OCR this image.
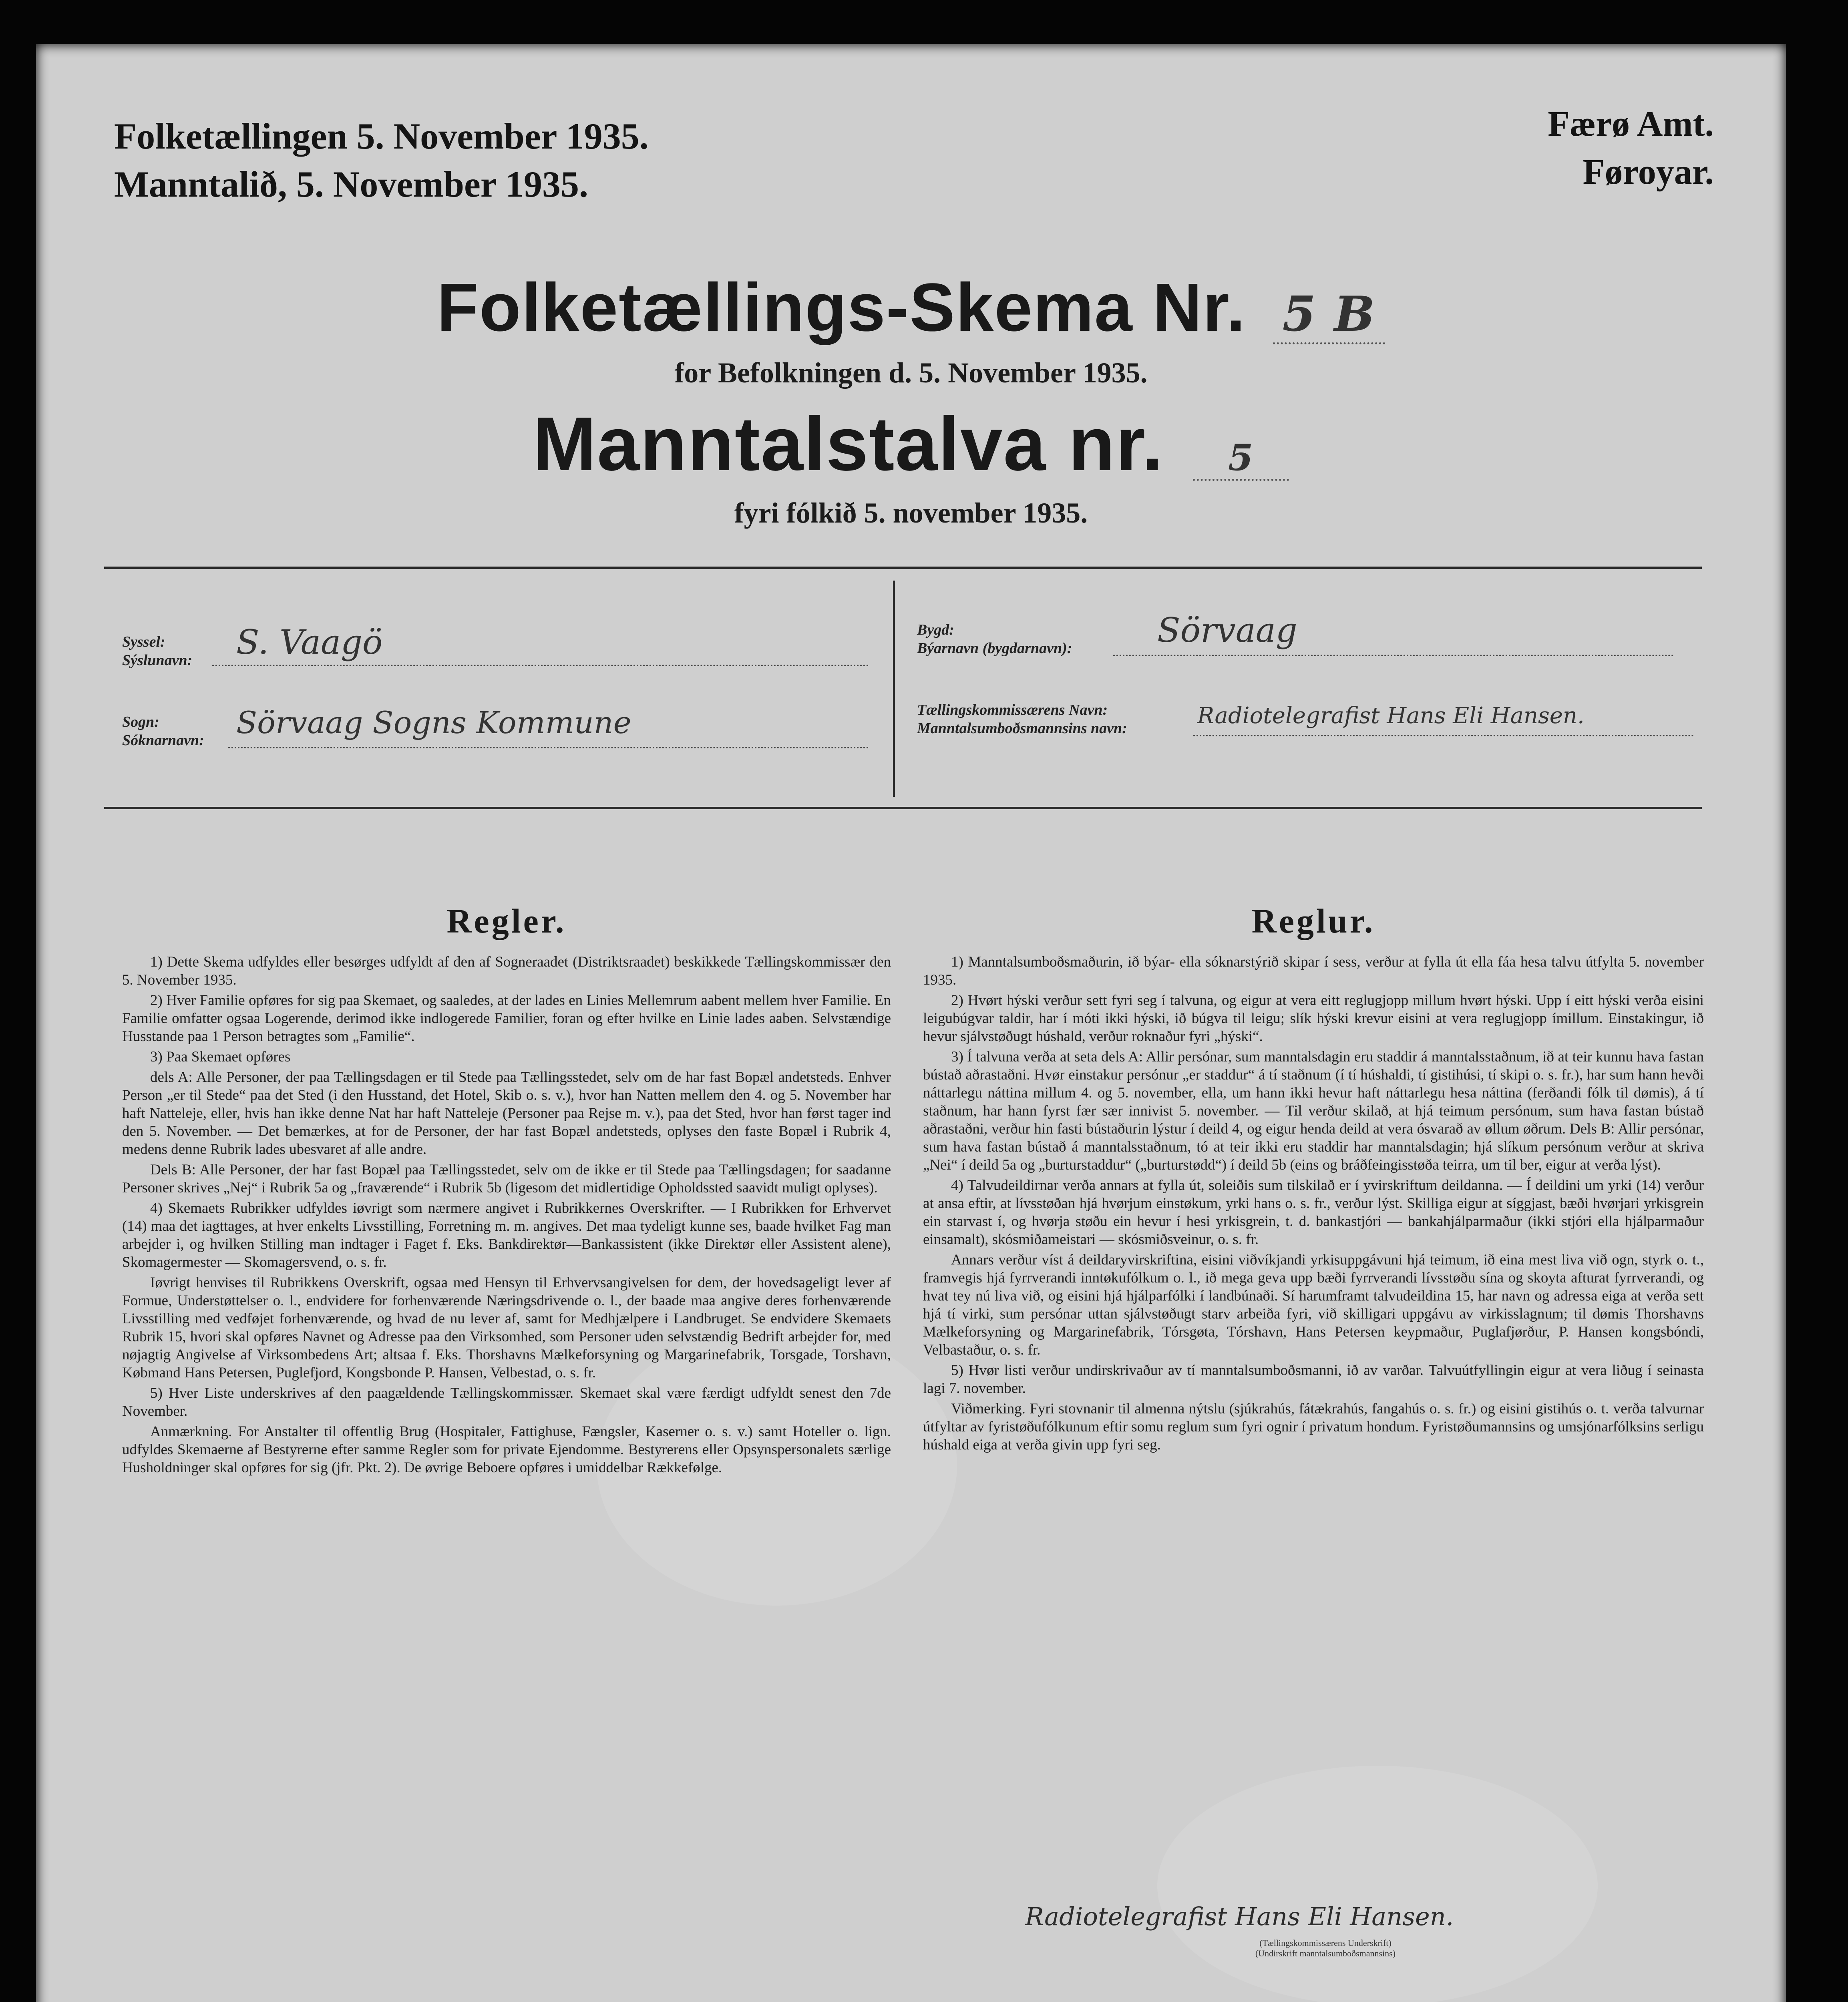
Folketællingen 5. November 1935.
Manntalið, 5. November 1935.
Færø Amt.
Føroyar.
Folketællings-Skema Nr. 5 B
for Befolkningen d. 5. November 1935.
Manntalstalva nr. 5
fyri fólkið 5. november 1935.
Syssel:
Sýslunavn: S. Vaagö
Sogn:
Sóknarnavn: Sörvaag Sogns Kommune
Bygd:
Býarnavn (bygdarnavn):	Sörvaag
Tællingskommissærens Navn:
Manntalsumboðsmannsins navn:	Radiotelegrafist Hans Eli Hansen.
Regler.

1) Dette Skema udfyldes eller besørges udfyldt af den af Sogneraadet (Distriktsraadet) beskikkede Tællingskommissær den 5. November 1935.

2) Hver Familie opføres for sig paa Skemaet, og saaledes, at der lades en Linies Mellemrum aabent mellem hver Familie. En Familie omfatter ogsaa Logerende, derimod ikke indlogerede Familier, foran og efter hvilke en Linie lades aaben. Selvstændige Husstande paa 1 Person betragtes som „Familie“.

3) Paa Skemaet opføres

dels A: Alle Personer, der paa Tællingsdagen er til Stede paa Tællingsstedet, selv om de har fast Bopæl andetsteds. Enhver Person „er til Stede“ paa det Sted (i den Husstand, det Hotel, Skib o. s. v.), hvor han Natten mellem den 4. og 5. November har haft Natteleje, eller, hvis han ikke denne Nat har haft Natteleje (Personer paa Rejse m. v.), paa det Sted, hvor han først tager ind den 5. November. — Det bemærkes, at for de Personer, der har fast Bopæl andetsteds, oplyses den faste Bopæl i Rubrik 4, medens denne Rubrik lades ubesvaret af alle andre.

Dels B: Alle Personer, der har fast Bopæl paa Tællingsstedet, selv om de ikke er til Stede paa Tællingsdagen; for saadanne Personer skrives „Nej“ i Rubrik 5a og „fraværende“ i Rubrik 5b (ligesom det midlertidige Opholdssted saavidt muligt oplyses).

4) Skemaets Rubrikker udfyldes iøvrigt som nærmere angivet i Rubrikkernes Overskrifter. — I Rubrikken for Erhvervet (14) maa det iagttages, at hver enkelts Livsstilling, Forretning m. m. angives. Det maa tydeligt kunne ses, baade hvilket Fag man arbejder i, og hvilken Stilling man indtager i Faget f. Eks. Bankdirektør—Bankassistent (ikke Direktør eller Assistent alene), Skomagermester — Skomagersvend, o. s. fr.

Iøvrigt henvises til Rubrikkens Overskrift, ogsaa med Hensyn til Erhvervsangivelsen for dem, der hovedsageligt lever af Formue, Understøttelser o. l., endvidere for forhenværende Næringsdrivende o. l., der baade maa angive deres forhenværende Livsstilling med vedføjet forhenværende, og hvad de nu lever af, samt for Medhjælpere i Landbruget. Se endvidere Skemaets Rubrik 15, hvori skal opføres Navnet og Adresse paa den Virksomhed, som Personer uden selvstændig Bedrift arbejder for, med nøjagtig Angivelse af Virksombedens Art; altsaa f. Eks. Thorshavns Mælkeforsyning og Margarinefabrik, Torsgade, Torshavn, Købmand Hans Petersen, Puglefjord, Kongsbonde P. Hansen, Velbestad, o. s. fr.

5) Hver Liste underskrives af den paagældende Tællingskommissær. Skemaet skal være færdigt udfyldt senest den 7de November.

Anmærkning. For Anstalter til offentlig Brug (Hospitaler, Fattighuse, Fængsler, Kaserner o. s. v.) samt Hoteller o. lign. udfyldes Skemaerne af Bestyrerne efter samme Regler som for private Ejendomme. Bestyrerens eller Opsynspersonalets særlige Husholdninger skal opføres for sig (jfr. Pkt. 2). De øvrige Beboere opføres i umiddelbar Rækkefølge.

Reglur.

1) Manntalsumboðsmaðurin, ið býar- ella sóknarstýrið skipar í sess, verður at fylla út ella fáa hesa talvu útfylta 5. november 1935.

2) Hvørt hýski verður sett fyri seg í talvuna, og eigur at vera eitt reglugjopp millum hvørt hýski. Upp í eitt hýski verða eisini leigubúgvar taldir, har í móti ikki hýski, ið búgva til leigu; slík hýski krevur eisini at vera reglugjopp ímillum. Einstakingur, ið hevur sjálvstøðugt húshald, verður roknaður fyri „hýski“.

3) Í talvuna verða at seta dels A: Allir persónar, sum manntalsdagin eru staddir á manntalsstaðnum, ið at teir kunnu hava fastan bústað aðrastaðni. Hvør einstakur persónur „er staddur“ á tí staðnum (í tí húshaldi, tí gistihúsi, tí skipi o. s. fr.), har sum hann hevði náttarlegu náttina millum 4. og 5. november, ella, um hann ikki hevur haft náttarlegu hesa náttina (ferðandi fólk til dømis), á tí staðnum, har hann fyrst fær sær innivist 5. november. — Til verður skilað, at hjá teimum persónum, sum hava fastan bústað aðrastaðni, verður hin fasti bústaðurin lýstur í deild 4, og eigur henda deild at vera ósvarað av øllum øðrum. Dels B: Allir persónar, sum hava fastan bústað á manntalsstaðnum, tó at teir ikki eru staddir har manntalsdagin; hjá slíkum persónum verður at skriva „Nei“ í deild 5a og „burturstaddur“ („burturstødd“) í deild 5b (eins og bráðfeingisstøða teirra, um til ber, eigur at verða lýst).

4) Talvudeildirnar verða annars at fylla út, soleiðis sum tilskilað er í yvirskriftum deildanna. — Í deildini um yrki (14) verður at ansa eftir, at lívsstøðan hjá hvørjum einstøkum, yrki hans o. s. fr., verður lýst. Skilliga eigur at síggjast, bæði hvørjari yrkisgrein ein starvast í, og hvørja støðu ein hevur í hesi yrkisgrein, t. d. bankastjóri — bankahjálparmaður (ikki stjóri ella hjálparmaður einsamalt), skósmiðameistari — skósmiðsveinur, o. s. fr.

Annars verður víst á deildaryvirskriftina, eisini viðvíkjandi yrkisuppgávuni hjá teimum, ið eina mest liva við ogn, styrk o. t., framvegis hjá fyrrverandi inntøkufólkum o. l., ið mega geva upp bæði fyrrverandi lívsstøðu sína og skoyta afturat fyrrverandi, og hvat tey nú liva við, og eisini hjá hjálparfólki í landbúnaði. Sí harumframt talvudeildina 15, har navn og adressa eiga at verða sett hjá tí virki, sum persónar uttan sjálvstøðugt starv arbeiða fyri, við skilligari uppgávu av virkisslagnum; til dømis Thorshavns Mælkeforsyning og Margarinefabrik, Tórsgøta, Tórshavn, Hans Petersen keypmaður, Puglafjørður, P. Hansen kongsbóndi, Velbastaður, o. s. fr.

5) Hvør listi verður undirskrivaður av tí manntalsumboðsmanni, ið av varðar. Talvuútfyllingin eigur at vera liðug í seinasta lagi 7. november.

Viðmerking. Fyri stovnanir til almenna nýtslu (sjúkrahús, fátækrahús, fangahús o. s. fr.) og eisini gistihús o. t. verða talvurnar útfyltar av fyristøðufólkunum eftir somu reglum sum fyri ognir í privatum hondum. Fyristøðumannsins og umsjónarfólksins serligu húshald eiga at verða givin upp fyri seg.

Radiotelegrafist Hans Eli Hansen.
(Tællingskommissærens Underskrift)
(Undirskrift manntalsumboðsmannsins)
